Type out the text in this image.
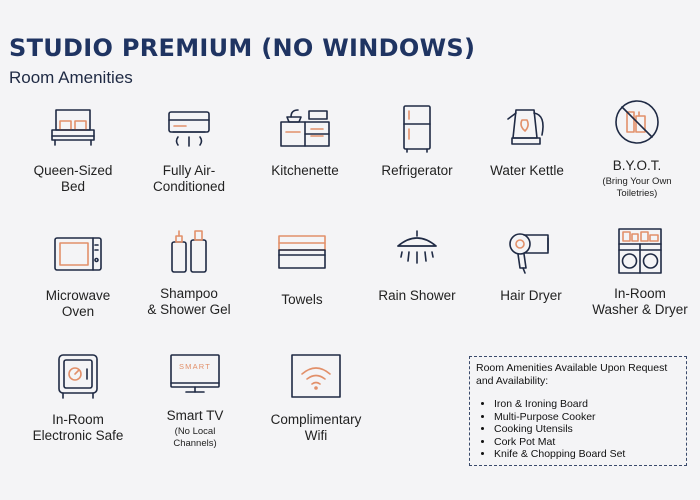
STUDIO PREMIUM (NO WINDOWS)
Room Amenities
Queen-Sized
Bed
Fully Air-
Conditioned
Kitchenette	Refrigerator	Water Kettle	B.Y.O.T.
(Bring Your Own
Toiletries)
Microwave
Oven
Shampoo
& Shower Gel
Towels	Rain Shower	Hair Dryer	In-Room
Washer & Dryer
In-Room
Electronic Safe
SMART
Smart TV
(No Local
Channels)
Complimentary
Wifi
Room Amenities Available Upon Request and Availability:
• Iron & Ironing Board
• Multi-Purpose Cooker
• Cooking Utensils
• Cork Pot Mat
• Knife & Chopping Board Set
